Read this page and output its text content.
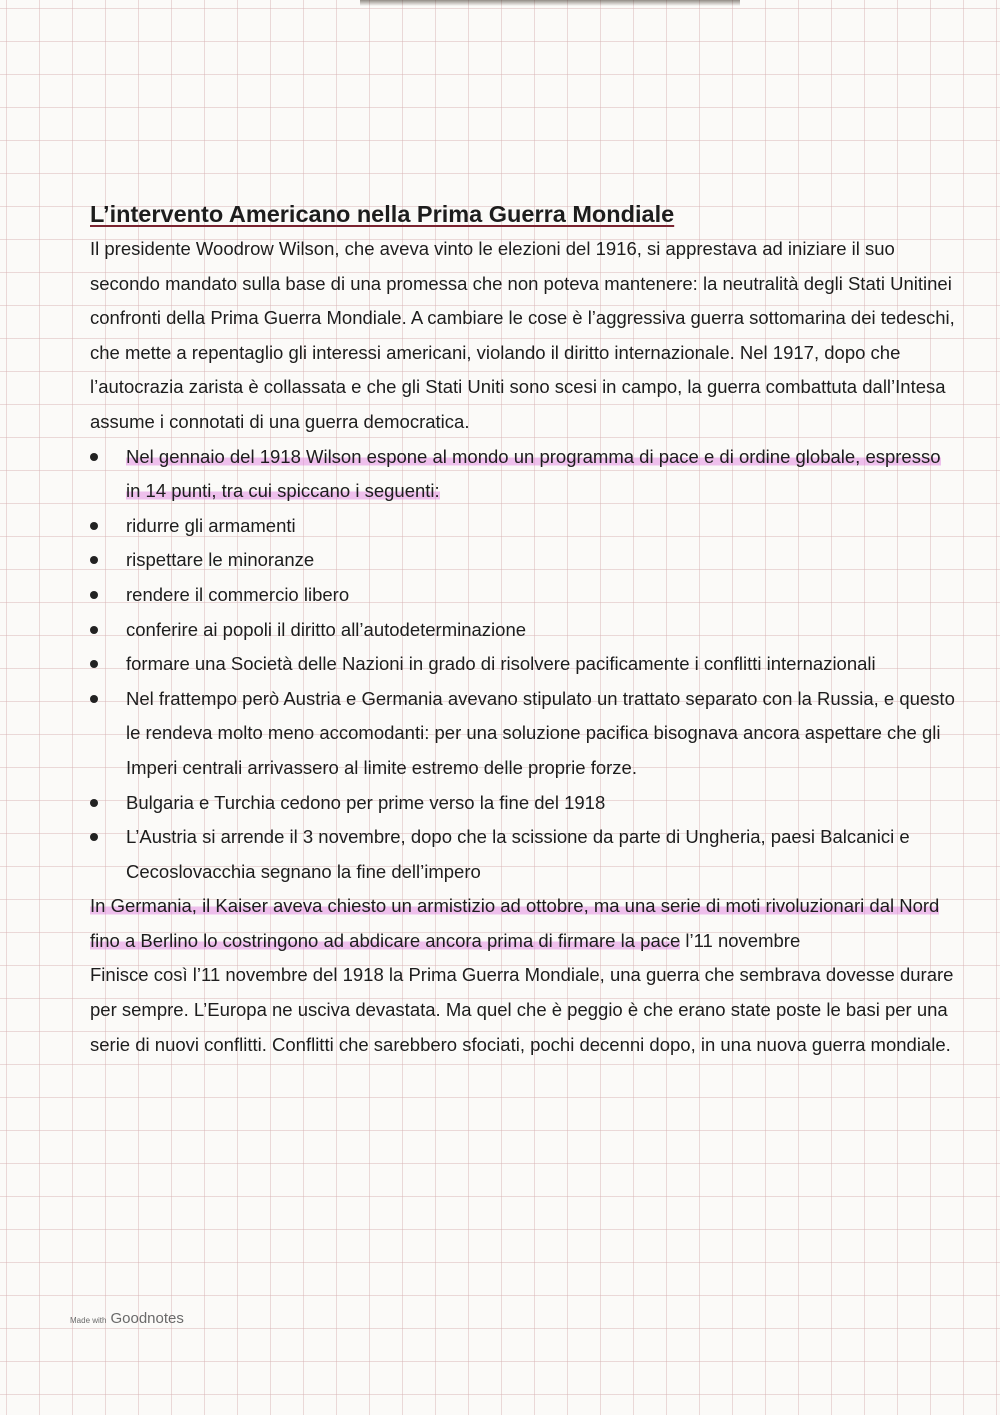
L’intervento Americano nella Prima Guerra Mondiale

Il presidente Woodrow Wilson, che aveva vinto le elezioni del 1916, si apprestava ad iniziare il suo secondo mandato sulla base di una promessa che non poteva mantenere: la neutralità degli Stati Unitinei confronti della Prima Guerra Mondiale. A cambiare le cose è l’aggressiva guerra sottomarina dei tedeschi, che mette a repentaglio gli interessi americani, violando il diritto internazionale. Nel 1917, dopo che l’autocrazia zarista è collassata e che gli Stati Uniti sono scesi in campo, la guerra combattuta dall’Intesa assume i connotati di una guerra democratica.

Nel gennaio del 1918 Wilson espone al mondo un programma di pace e di ordine globale, espresso in 14 punti, tra cui spiccano i seguenti:
ridurre gli armamenti
rispettare le minoranze
rendere il commercio libero
conferire ai popoli il diritto all’autodeterminazione
formare una Società delle Nazioni in grado di risolvere pacificamente i conflitti internazionali
Nel frattempo però Austria e Germania avevano stipulato un trattato separato con la Russia, e questo le rendeva molto meno accomodanti: per una soluzione pacifica bisognava ancora aspettare che gli Imperi centrali arrivassero al limite estremo delle proprie forze.
Bulgaria e Turchia cedono per prime verso la fine del 1918
L’Austria si arrende il 3 novembre, dopo che la scissione da parte di Ungheria, paesi Balcanici e Cecoslovacchia segnano la fine dell’impero

In Germania, il Kaiser aveva chiesto un armistizio ad ottobre, ma una serie di moti rivoluzionari dal Nord fino a Berlino lo costringono ad abdicare ancora prima di firmare la pace l’11 novembre

Finisce così l’11 novembre del 1918 la Prima Guerra Mondiale, una guerra che sembrava dovesse durare per sempre. L’Europa ne usciva devastata. Ma quel che è peggio è che erano state poste le basi per una serie di nuovi conflitti. Conflitti che sarebbero sfociati, pochi decenni dopo, in una nuova guerra mondiale.

Made with Goodnotes
